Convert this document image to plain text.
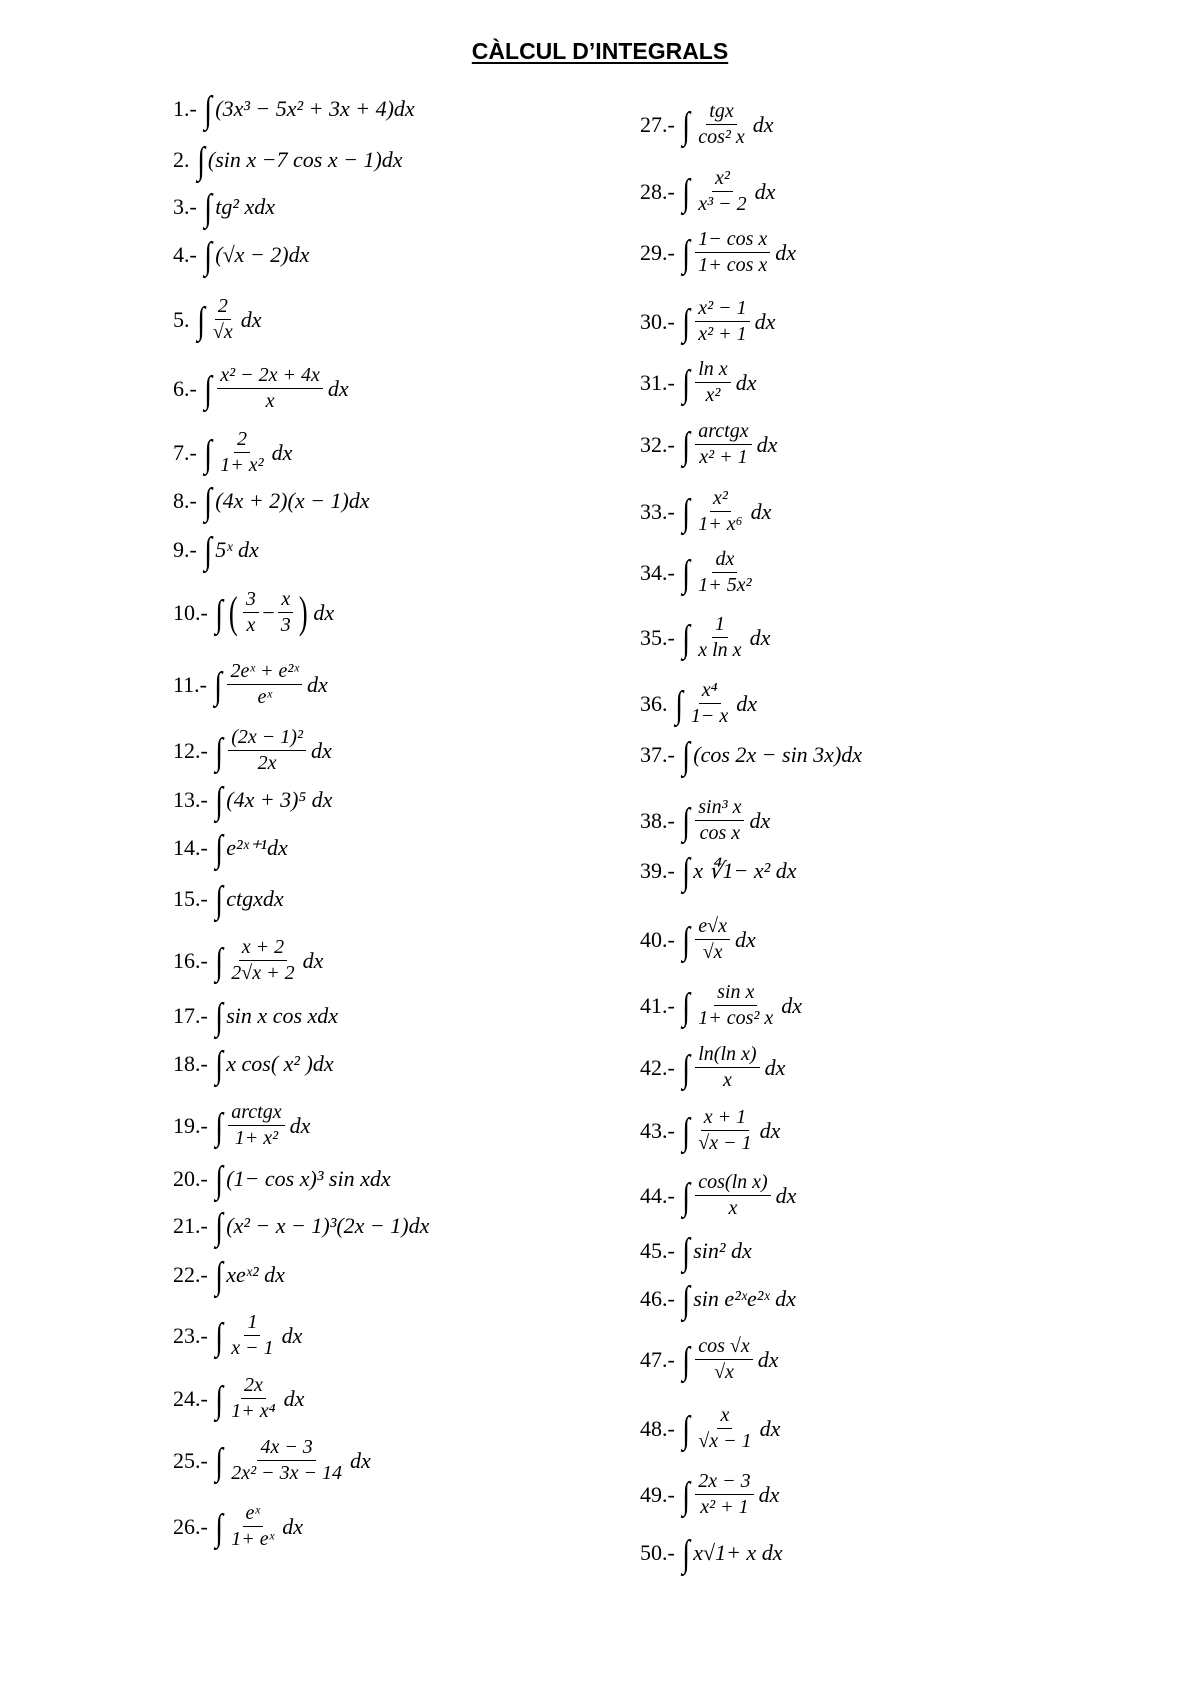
CÀLCUL D’INTEGRALS
1.- ∫ (3x³ − 5x² + 3x + 4)dx
2. ∫ (sin x −7 cos x − 1)dx
3.- ∫ tg² xdx
4.- ∫ (√x − 2)dx
5. ∫ $\frac{2}{√x}$ dx
6.- ∫ $\frac{\text{x² − 2x + 4x}}{x}$ dx
7.- ∫ $\frac{2}{\text{1+ x²}}$ dx
8.- ∫ (4x + 2)(x − 1)dx
9.- ∫ 5ˣ dx
10.- ∫ ( $\frac{3}{x} - \frac{x}{3}$ ) dx
11.- ∫ $\frac{\text{2eˣ + e²ˣ}}{\text{eˣ}}$ dx
12.- ∫ $\frac{\text{(2x − 1)²}}{2x}$ dx
13.- ∫ (4x + 3)⁵ dx
14.- ∫ e²ˣ⁺¹dx
15.- ∫ ctgxdx
16.- ∫ $\frac{x + 2}{2√x + 2}$ dx
17.- ∫ sin x cos xdx
18.- ∫ x cos( x² )dx
19.- ∫ $\frac{\text{arctgx}}{\text{1+ x²}}$ dx
20.- ∫ (1− cos x)³ sin xdx
21.- ∫ (x² − x − 1)³(2x − 1)dx
22.- ∫ xeˣ² dx
23.- ∫ $\frac{1}{x - 1}$ dx
24.- ∫ $\frac{2x}{\text{1+ x⁴}}$ dx
25.- ∫ $\frac{4x - 3}{\text{2x² − 3x − 14}}$ dx
26.- ∫ $\frac{\text{eˣ}}{\text{1+ eˣ}}$ dx
27.- ∫ $\frac{\text{tgx}}{\text{cos² x}}$ dx
28.- ∫ $\frac{\text{x²}}{\text{x³ − 2}}$ dx
29.- ∫ $\frac{\text{1− cos x}}{\text{1+ cos x}}$ dx
30.- ∫ $\frac{\text{x² − 1}}{\text{x² + 1}}$ dx
31.- ∫ $\frac{\text{ln x}}{\text{x²}}$ dx
32.- ∫ $\frac{\text{arctgx}}{\text{x² + 1}}$ dx
33.- ∫ $\frac{\text{x²}}{\text{1+ x⁶}}$ dx
34.- ∫ $\frac{dx}{\text{1+ 5x²}}$
35.- ∫ $\frac{1}{\text{x ln x}}$ dx
36. ∫ $\frac{\text{x⁴}}{1- x}$ dx
37.- ∫ (cos 2x − sin 3x)dx
38.- ∫ $\frac{\text{sin³ x}}{\text{cos x}}$ dx
39.- ∫ x ∜1− x² dx
40.- ∫ $\frac{e√x}{√x}$ dx
41.- ∫ $\frac{\text{sin x}}{\text{1+ cos² x}}$ dx
42.- ∫ $\frac{\text{ln(ln x)}}{x}$ dx
43.- ∫ $\frac{x + 1}{√x - 1}$ dx
44.- ∫ $\frac{\text{cos(ln x)}}{x}$ dx
45.- ∫ sin² dx
46.- ∫ sin e²ˣe²ˣ dx
47.- ∫ $\frac{\cos √x}{√x}$ dx
48.- ∫ $\frac{x}{√x - 1}$ dx
49.- ∫ $\frac{2x - 3}{\text{x² + 1}}$ dx
50.- ∫ x√1+ x dx
